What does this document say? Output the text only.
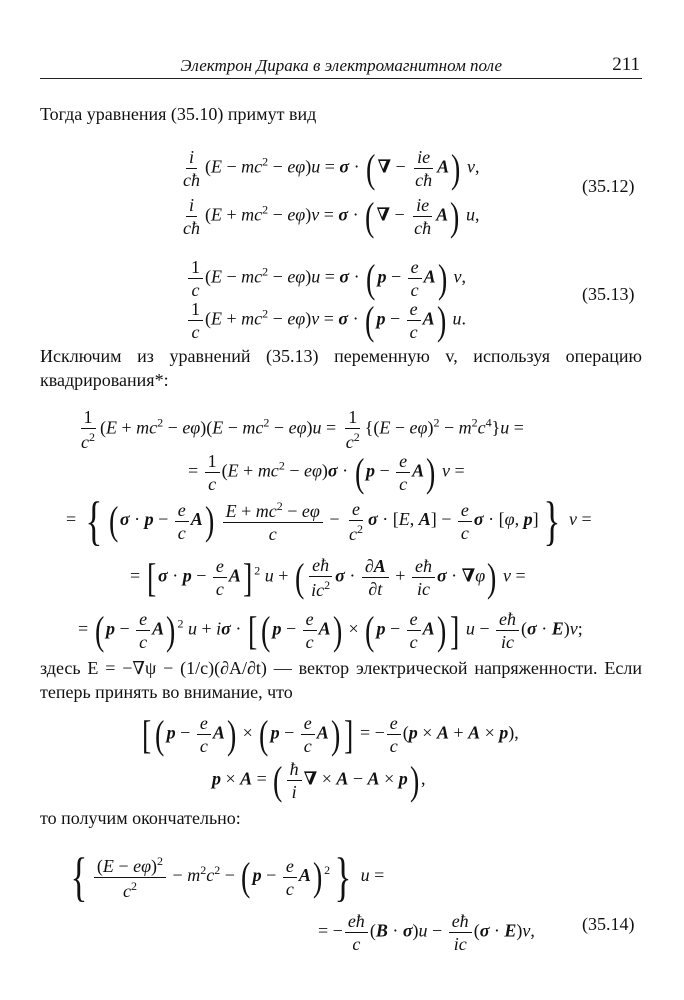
Электрон Дирака в электромагнитном поле	211
Тогда уравнения (35.10) примут вид
$\frac{i}{cħ} (E - mc^2 - e\varphi)u = \sigma$ · ( ∇ − $\frac{ie}{cħ} A$) v,
$\frac{i}{cħ} (E + mc^2 - e\varphi)v = \sigma$ · ( ∇ − $\frac{ie}{cħ} A$) u,
(35.12)
$\frac{1}{c} (E - mc^2 - e\varphi)u = \sigma$ · ( $p - \frac{e}{c} A$) v,
$\frac{1}{c} (E + mc^2 - e\varphi)v = \sigma$ · ( $p - \frac{e}{c} A$) u.
(35.13)
Исключим из уравнений (35.13) переменную v, используя операцию квадрирования*:
$\frac{1}{c^2} (E + mc^2 - e\varphi)(E - mc^2 - e\varphi)u = \frac{1}{c^2} \{(E - e\varphi)^2 - m^2c^4\}u$ =
= $\frac{1}{c} (E + mc^2 - e\varphi)\sigma$ · ( $p - \frac{e}{c} A$) v =
= { ( $\sigma \cdot p - \frac{e}{c} A) \frac{E + mc^2 - e\varphi}{c} - \frac{e}{c^2}$ σ · [E, $A] - \frac{e}{c}$ σ · [φ, p]} v =
= [ $\sigma \cdot p - \frac{e}{c} A$] $^2$ u + ( $\frac{eħ}{ic^2}$ $\sigma \cdot \frac{\partial A}{\partial t} + \frac{eħ}{ic}$ σ · ∇φ) v =
= ( $p - \frac{e}{c} A$) $^2$ u + iσ · [( $p - \frac{e}{c} A$) × ( $p - \frac{e}{c} A$)] $u - \frac{eħ}{ic} (\sigma \cdot E)v$;
здесь E = −∇ψ − (1/c)(∂A/∂t) — вектор электрической напряженности. Если теперь принять во внимание, что
[( $p - \frac{e}{c} A$) × ( $p - \frac{e}{c} A$)] = − $\frac{e}{c} (p \times A + A \times p)$,
p × A = ( $\frac{ħ}{i}$ ∇ × A − A × p) ,
то получим окончательно:
{ $\frac{(E - e\varphi)^2}{c^2} - m^2c^2$ − ( $p - \frac{e}{c} A$) $^2$} u =
= − $\frac{eħ}{c} (B \cdot \sigma)u - \frac{eħ}{ic} (\sigma \cdot E)v$,	(35.14)
